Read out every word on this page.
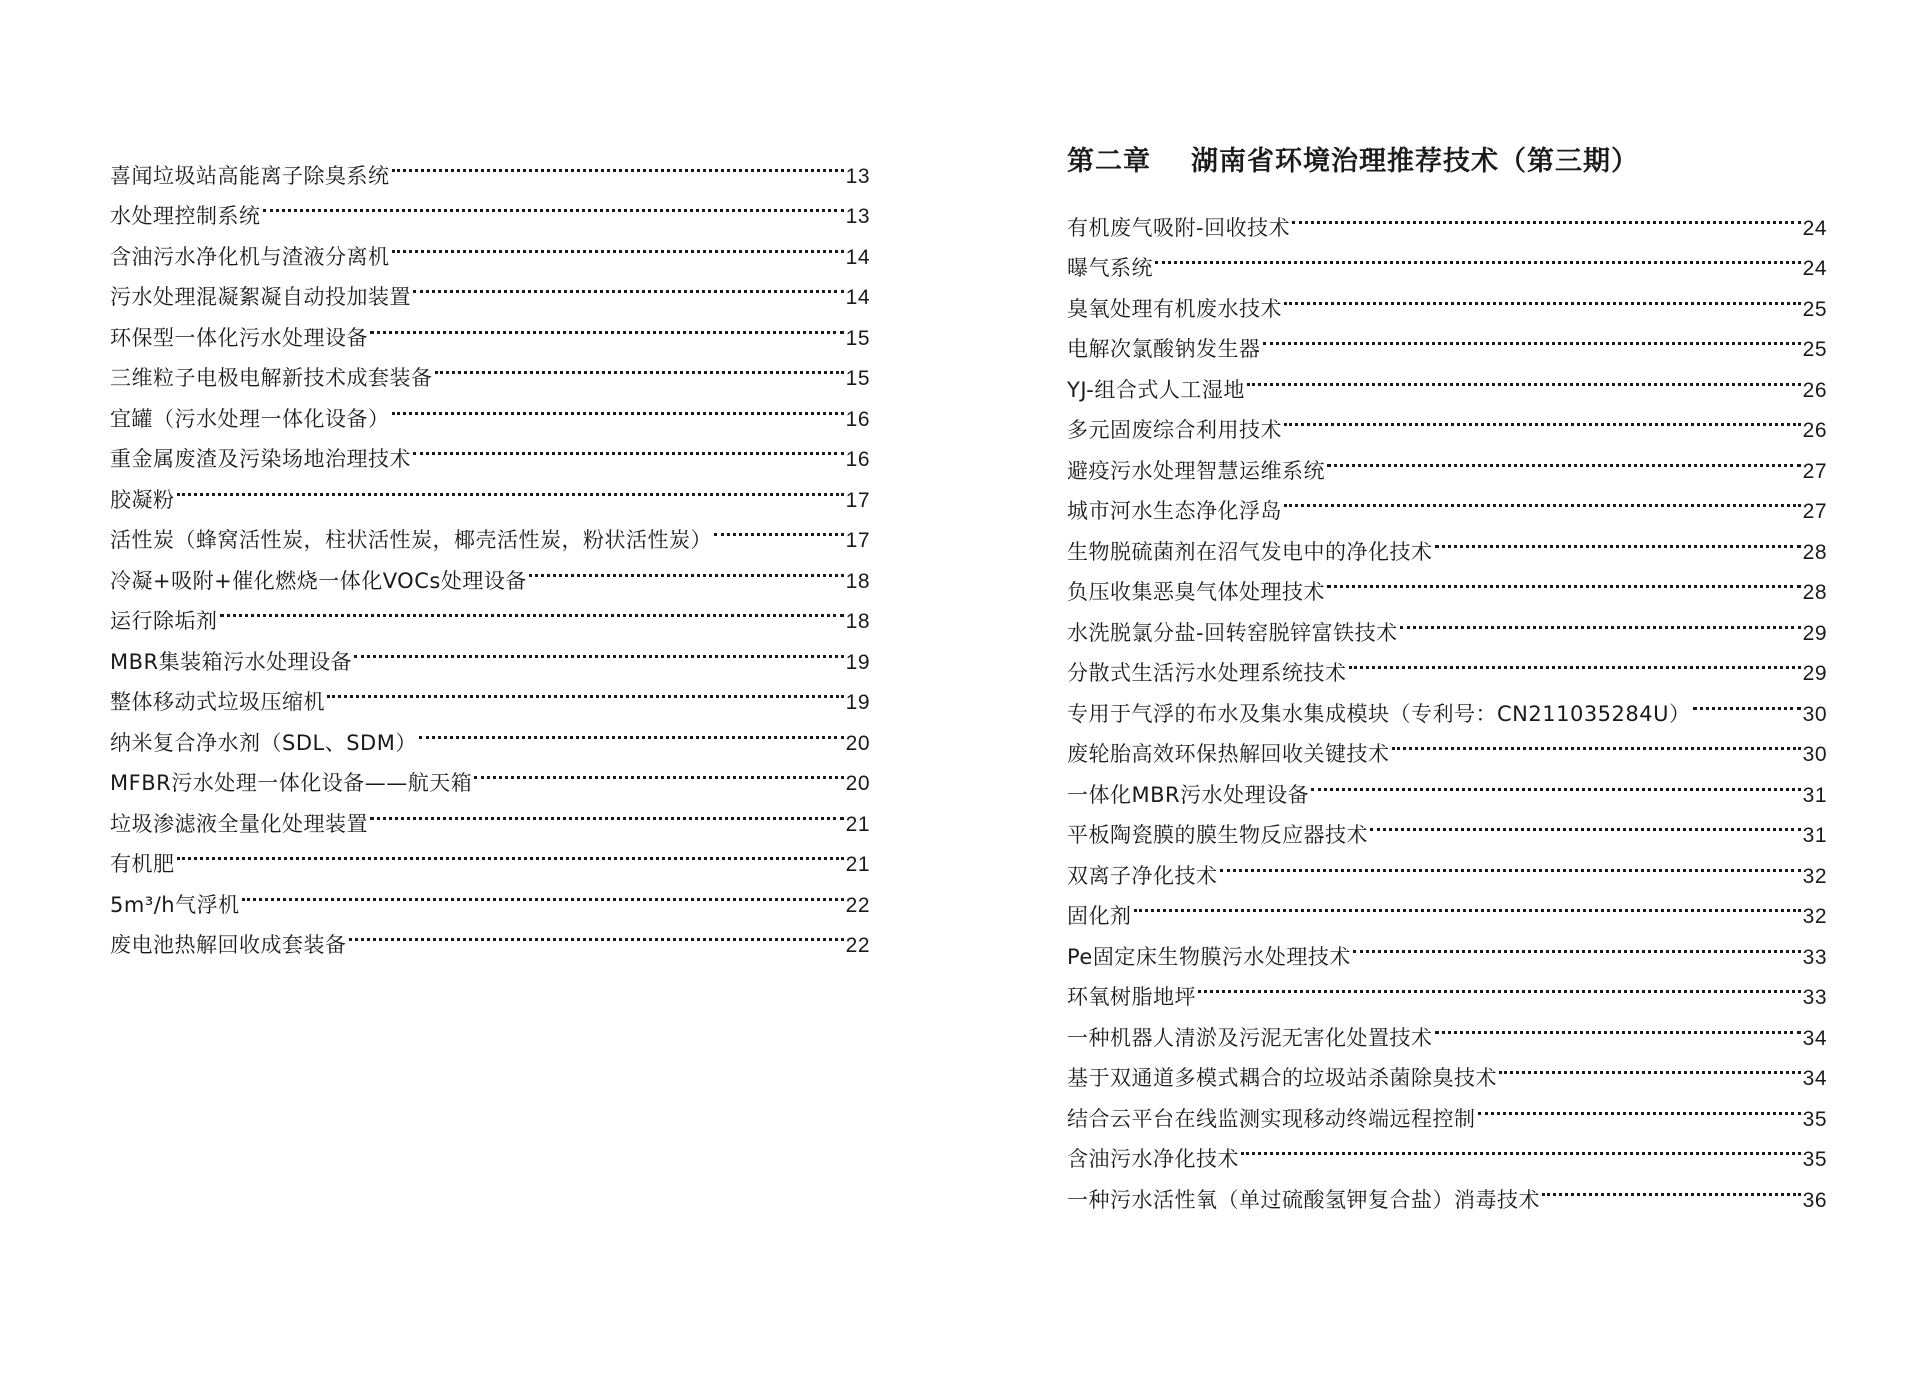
喜闻垃圾站高能离子除臭系统	13
水处理控制系统	13
含油污水净化机与渣液分离机	14
污水处理混凝絮凝自动投加装置	14
环保型一体化污水处理设备	15
三维粒子电极电解新技术成套装备	15
宜罐（污水处理一体化设备）	16
重金属废渣及污染场地治理技术	16
胶凝粉	17
活性炭（蜂窝活性炭，柱状活性炭，椰壳活性炭，粉状活性炭）	17
冷凝+吸附+催化燃烧一体化VOCs处理设备	18
运行除垢剂	18
MBR集装箱污水处理设备	19
整体移动式垃圾压缩机	19
纳米复合净水剂（SDL、SDM）	20
MFBR污水处理一体化设备——航天箱	20
垃圾渗滤液全量化处理装置	21
有机肥	21
5m³/h气浮机	22
废电池热解回收成套装备	22
第二章 湖南省环境治理推荐技术（第三期）
有机废气吸附-回收技术	24
曝气系统	24
臭氧处理有机废水技术	25
电解次氯酸钠发生器	25
YJ-组合式人工湿地	26
多元固废综合利用技术	26
避疫污水处理智慧运维系统	27
城市河水生态净化浮岛	27
生物脱硫菌剂在沼气发电中的净化技术	28
负压收集恶臭气体处理技术	28
水洗脱氯分盐-回转窑脱锌富铁技术	29
分散式生活污水处理系统技术	29
专用于气浮的布水及集水集成模块（专利号：CN211035284U）	30
废轮胎高效环保热解回收关键技术	30
一体化MBR污水处理设备	31
平板陶瓷膜的膜生物反应器技术	31
双离子净化技术	32
固化剂	32
Pe固定床生物膜污水处理技术	33
环氧树脂地坪	33
一种机器人清淤及污泥无害化处置技术	34
基于双通道多模式耦合的垃圾站杀菌除臭技术	34
结合云平台在线监测实现移动终端远程控制	35
含油污水净化技术	35
一种污水活性氧（单过硫酸氢钾复合盐）消毒技术	36
